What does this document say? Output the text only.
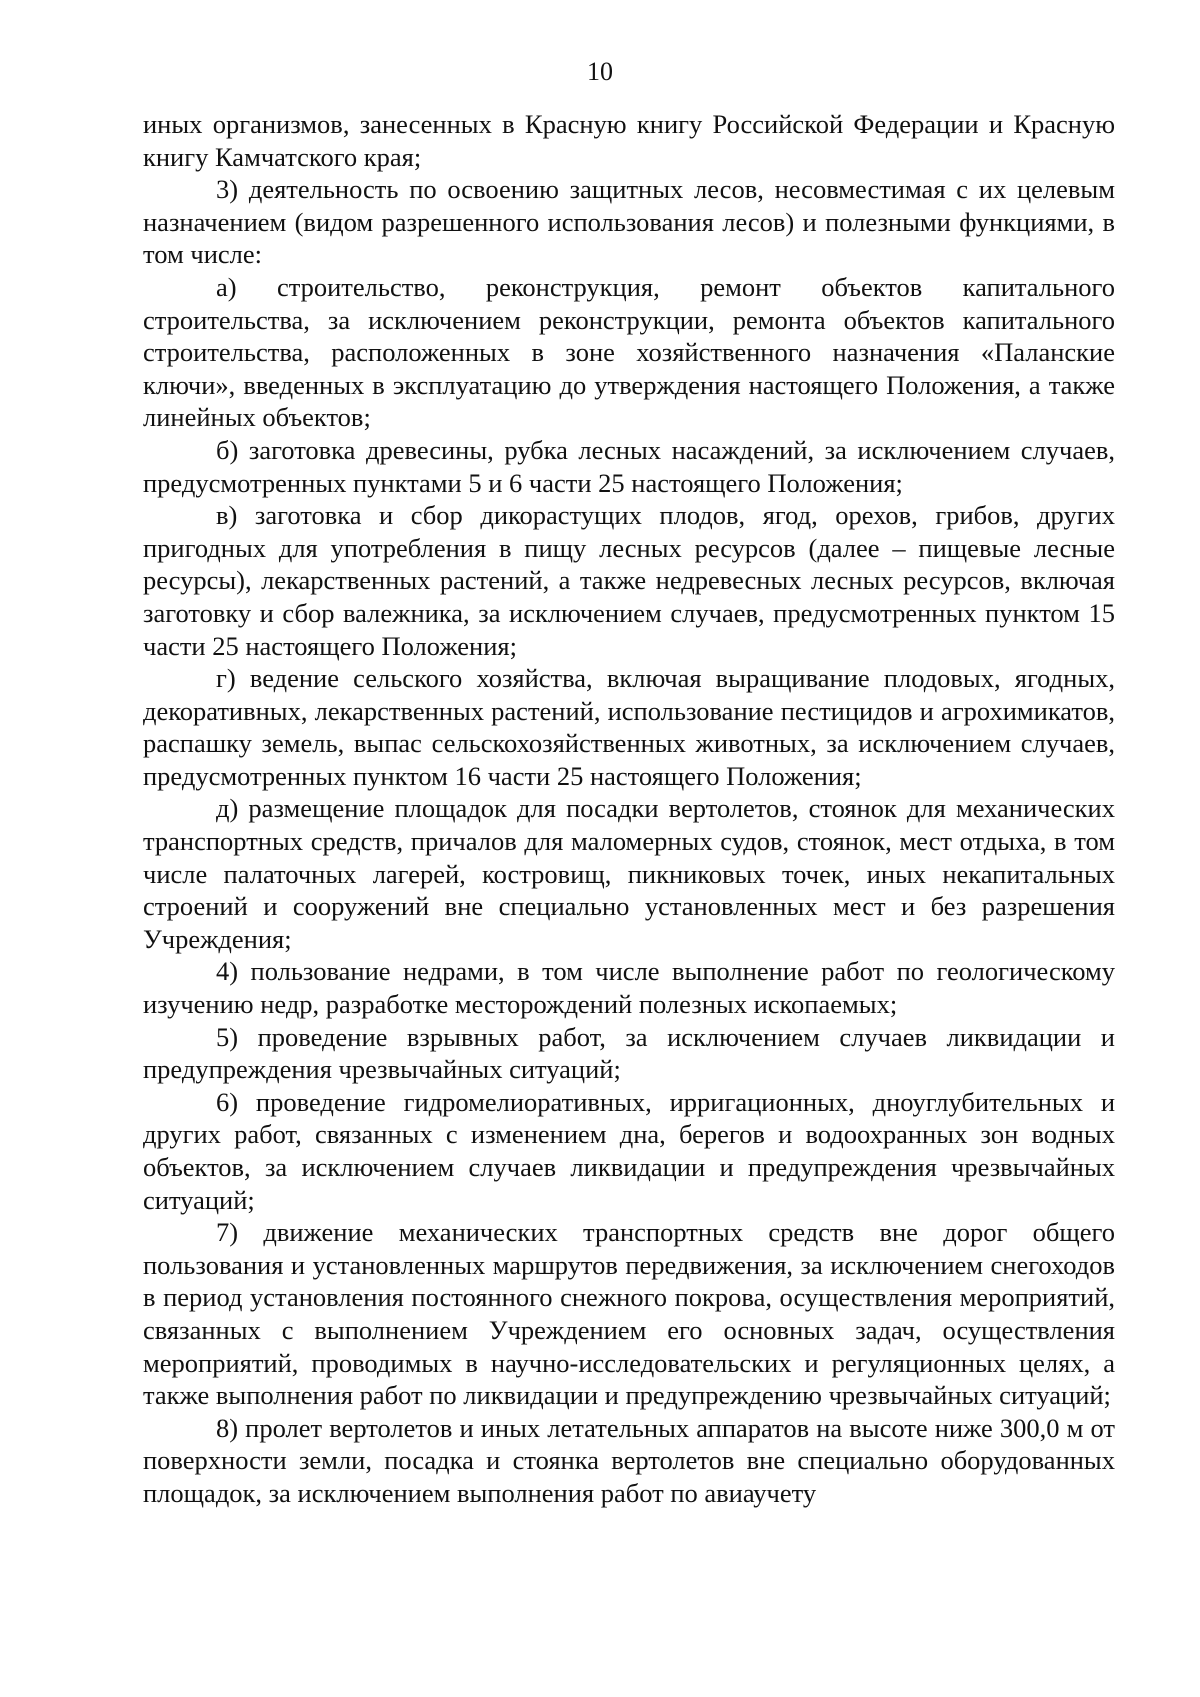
10

иных организмов, занесенных в Красную книгу Российской Федерации и Красную книгу Камчатского края;

3) деятельность по освоению защитных лесов, несовместимая с их целевым назначением (видом разрешенного использования лесов) и полезными функциями, в том числе:

а) строительство, реконструкция, ремонт объектов капитального строительства, за исключением реконструкции, ремонта объектов капитального строительства, расположенных в зоне хозяйственного назначения «Паланские ключи», введенных в эксплуатацию до утверждения настоящего Положения, а также линейных объектов;

б) заготовка древесины, рубка лесных насаждений, за исключением случаев, предусмотренных пунктами 5 и 6 части 25 настоящего Положения;

в) заготовка и сбор дикорастущих плодов, ягод, орехов, грибов, других пригодных для употребления в пищу лесных ресурсов (далее – пищевые лесные ресурсы), лекарственных растений, а также недревесных лесных ресурсов, включая заготовку и сбор валежника, за исключением случаев, предусмотренных пунктом 15 части 25 настоящего Положения;

г) ведение сельского хозяйства, включая выращивание плодовых, ягодных, декоративных, лекарственных растений, использование пестицидов и агрохимикатов, распашку земель, выпас сельскохозяйственных животных, за исключением случаев, предусмотренных пунктом 16 части 25 настоящего Положения;

д) размещение площадок для посадки вертолетов, стоянок для механических транспортных средств, причалов для маломерных судов, стоянок, мест отдыха, в том числе палаточных лагерей, костровищ, пикниковых точек, иных некапитальных строений и сооружений вне специально установленных мест и без разрешения Учреждения;

4) пользование недрами, в том числе выполнение работ по геологическому изучению недр, разработке месторождений полезных ископаемых;

5) проведение взрывных работ, за исключением случаев ликвидации и предупреждения чрезвычайных ситуаций;

6) проведение гидромелиоративных, ирригационных, дноуглубительных и других работ, связанных с изменением дна, берегов и водоохранных зон водных объектов, за исключением случаев ликвидации и предупреждения чрезвычайных ситуаций;

7) движение механических транспортных средств вне дорог общего пользования и установленных маршрутов передвижения, за исключением снегоходов в период установления постоянного снежного покрова, осуществления мероприятий, связанных с выполнением Учреждением его основных задач, осуществления мероприятий, проводимых в научно-исследовательских и регуляционных целях, а также выполнения работ по ликвидации и предупреждению чрезвычайных ситуаций;

8) пролет вертолетов и иных летательных аппаратов на высоте ниже 300,0 м от поверхности земли, посадка и стоянка вертолетов вне специально оборудованных площадок, за исключением выполнения работ по авиаучету
